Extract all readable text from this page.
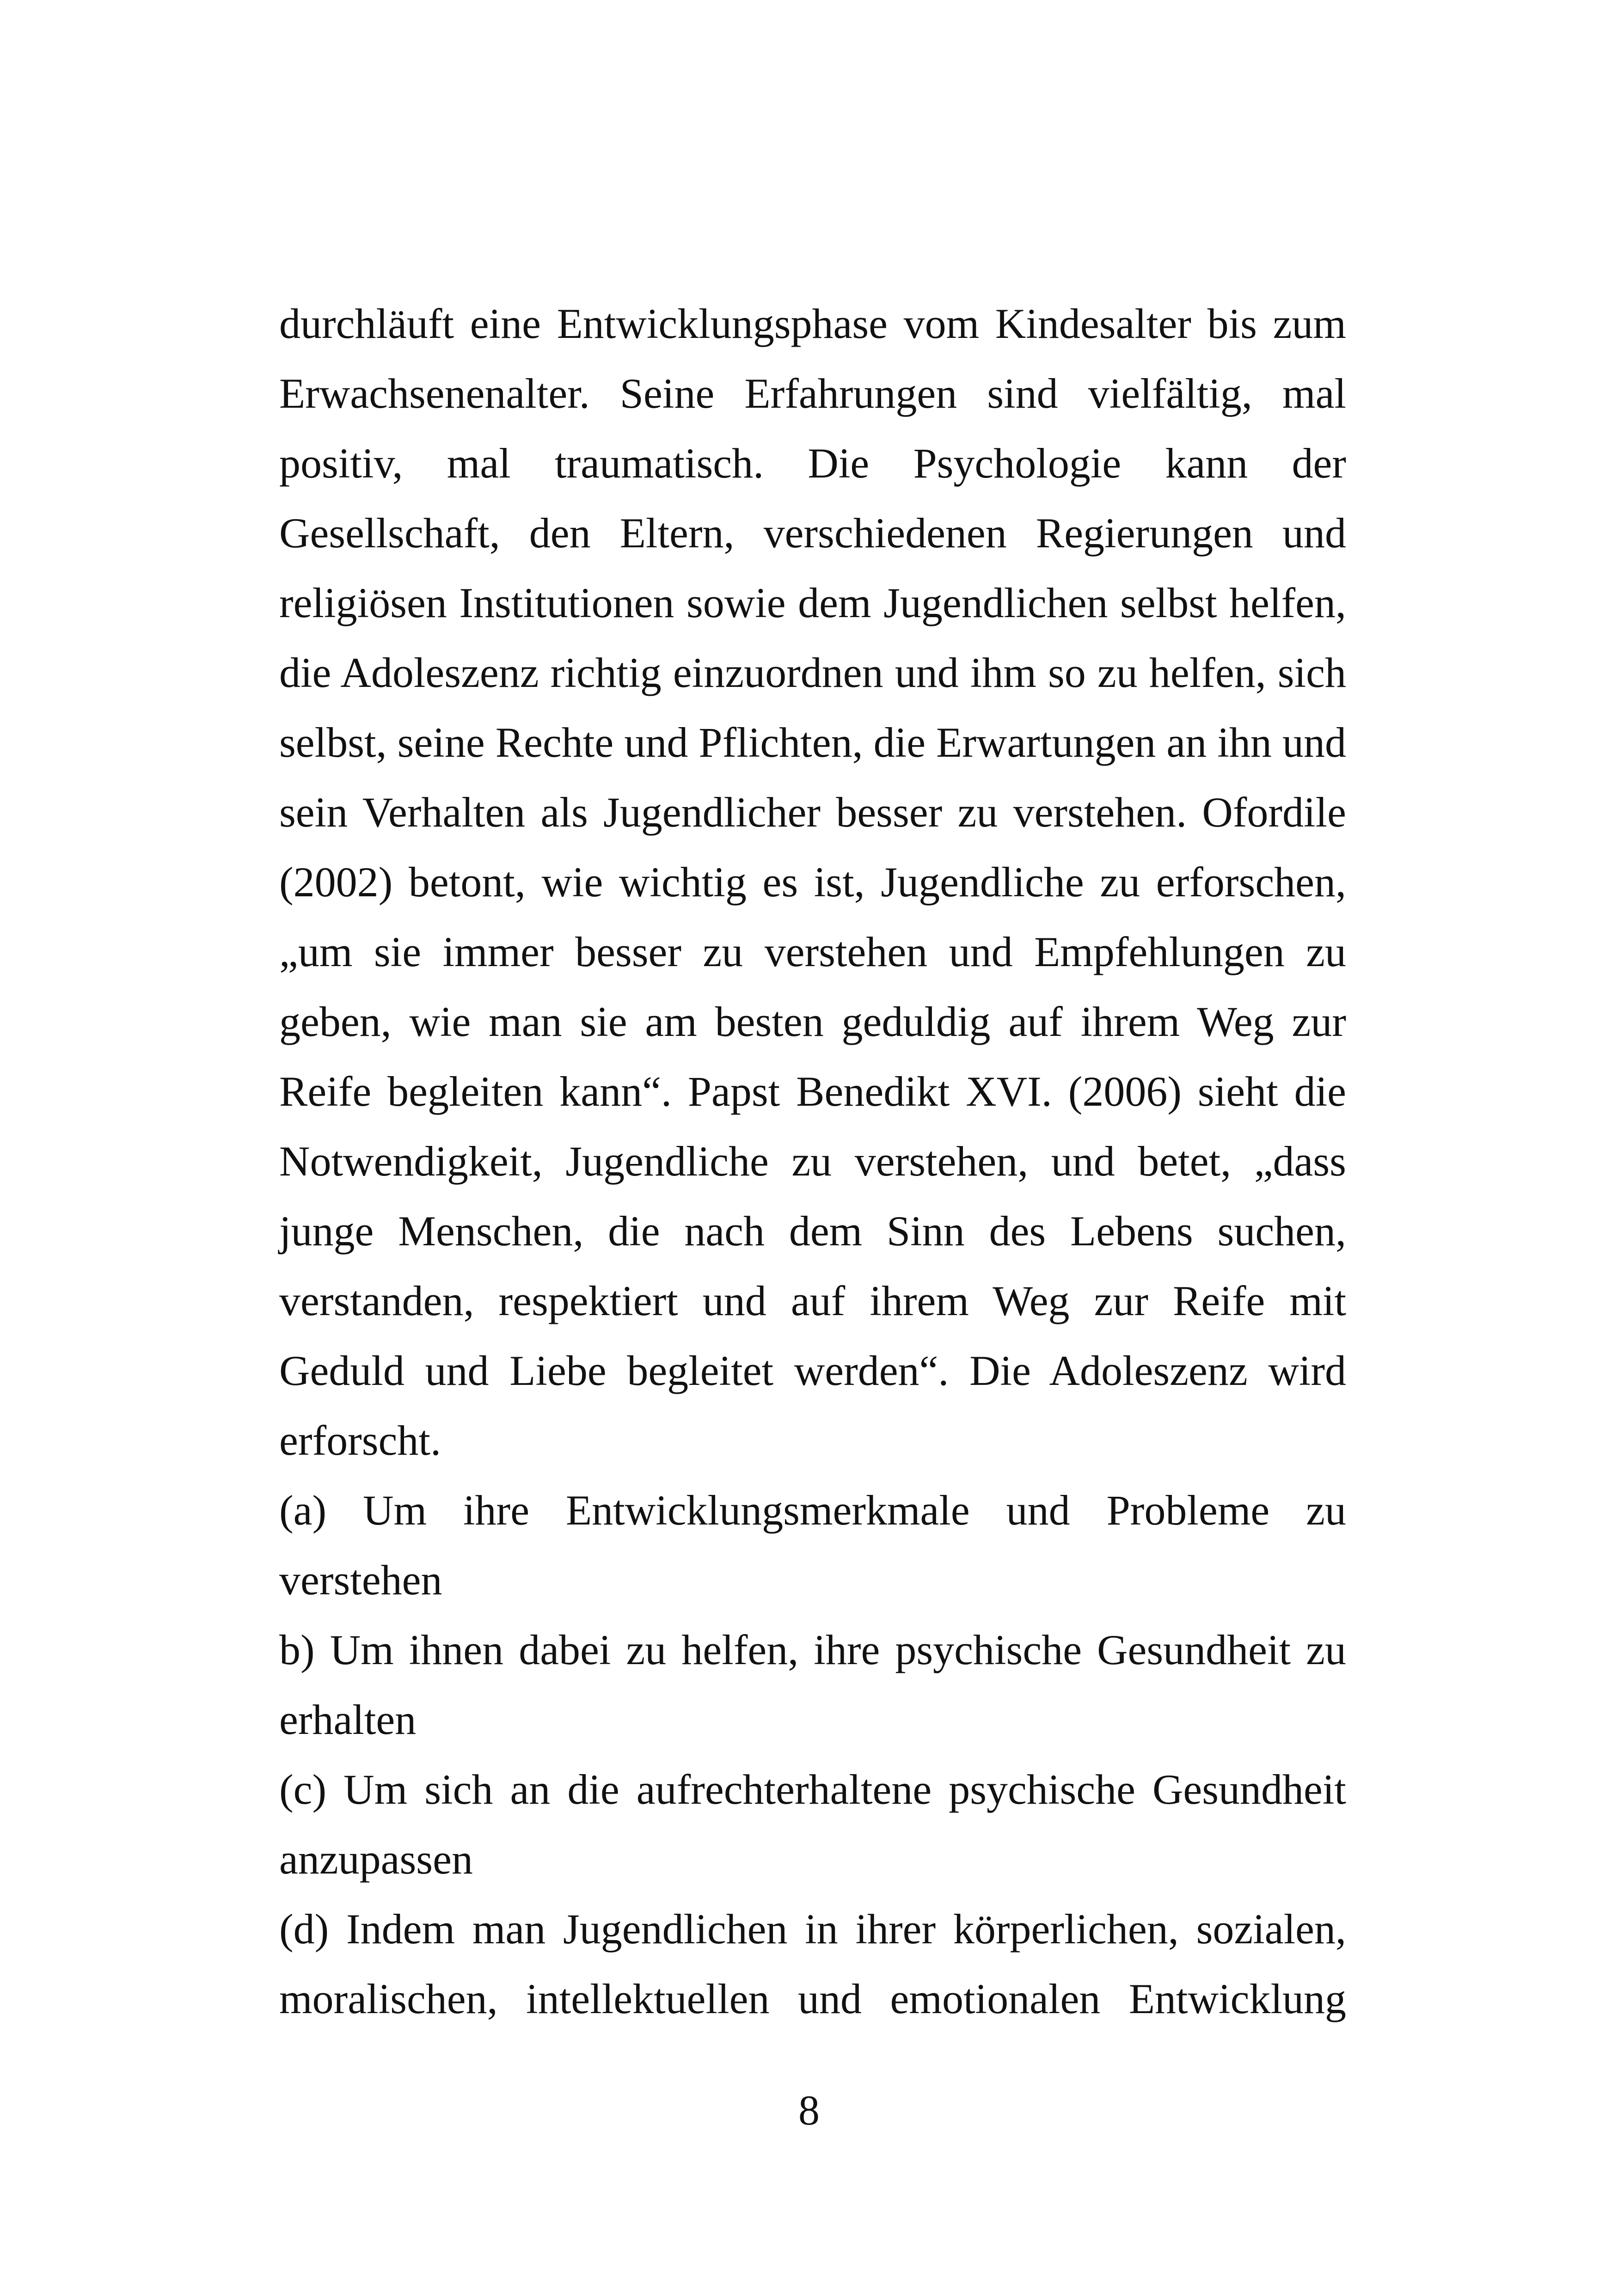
durchläuft eine Entwicklungsphase vom Kindesalter bis zum
Erwachsenenalter. Seine Erfahrungen sind vielfältig, mal
positiv, mal traumatisch. Die Psychologie kann der
Gesellschaft, den Eltern, verschiedenen Regierungen und
religiösen Institutionen sowie dem Jugendlichen selbst helfen,
die Adoleszenz richtig einzuordnen und ihm so zu helfen, sich
selbst, seine Rechte und Pflichten, die Erwartungen an ihn und
sein Verhalten als Jugendlicher besser zu verstehen. Ofordile
(2002) betont, wie wichtig es ist, Jugendliche zu erforschen,
„um sie immer besser zu verstehen und Empfehlungen zu
geben, wie man sie am besten geduldig auf ihrem Weg zur
Reife begleiten kann“. Papst Benedikt XVI. (2006) sieht die
Notwendigkeit, Jugendliche zu verstehen, und betet, „dass
junge Menschen, die nach dem Sinn des Lebens suchen,
verstanden, respektiert und auf ihrem Weg zur Reife mit
Geduld und Liebe begleitet werden“. Die Adoleszenz wird
erforscht.
(a) Um ihre Entwicklungsmerkmale und Probleme zu
verstehen
b) Um ihnen dabei zu helfen, ihre psychische Gesundheit zu
erhalten
(c) Um sich an die aufrechterhaltene psychische Gesundheit
anzupassen
(d) Indem man Jugendlichen in ihrer körperlichen, sozialen,
moralischen, intellektuellen und emotionalen Entwicklung
8
